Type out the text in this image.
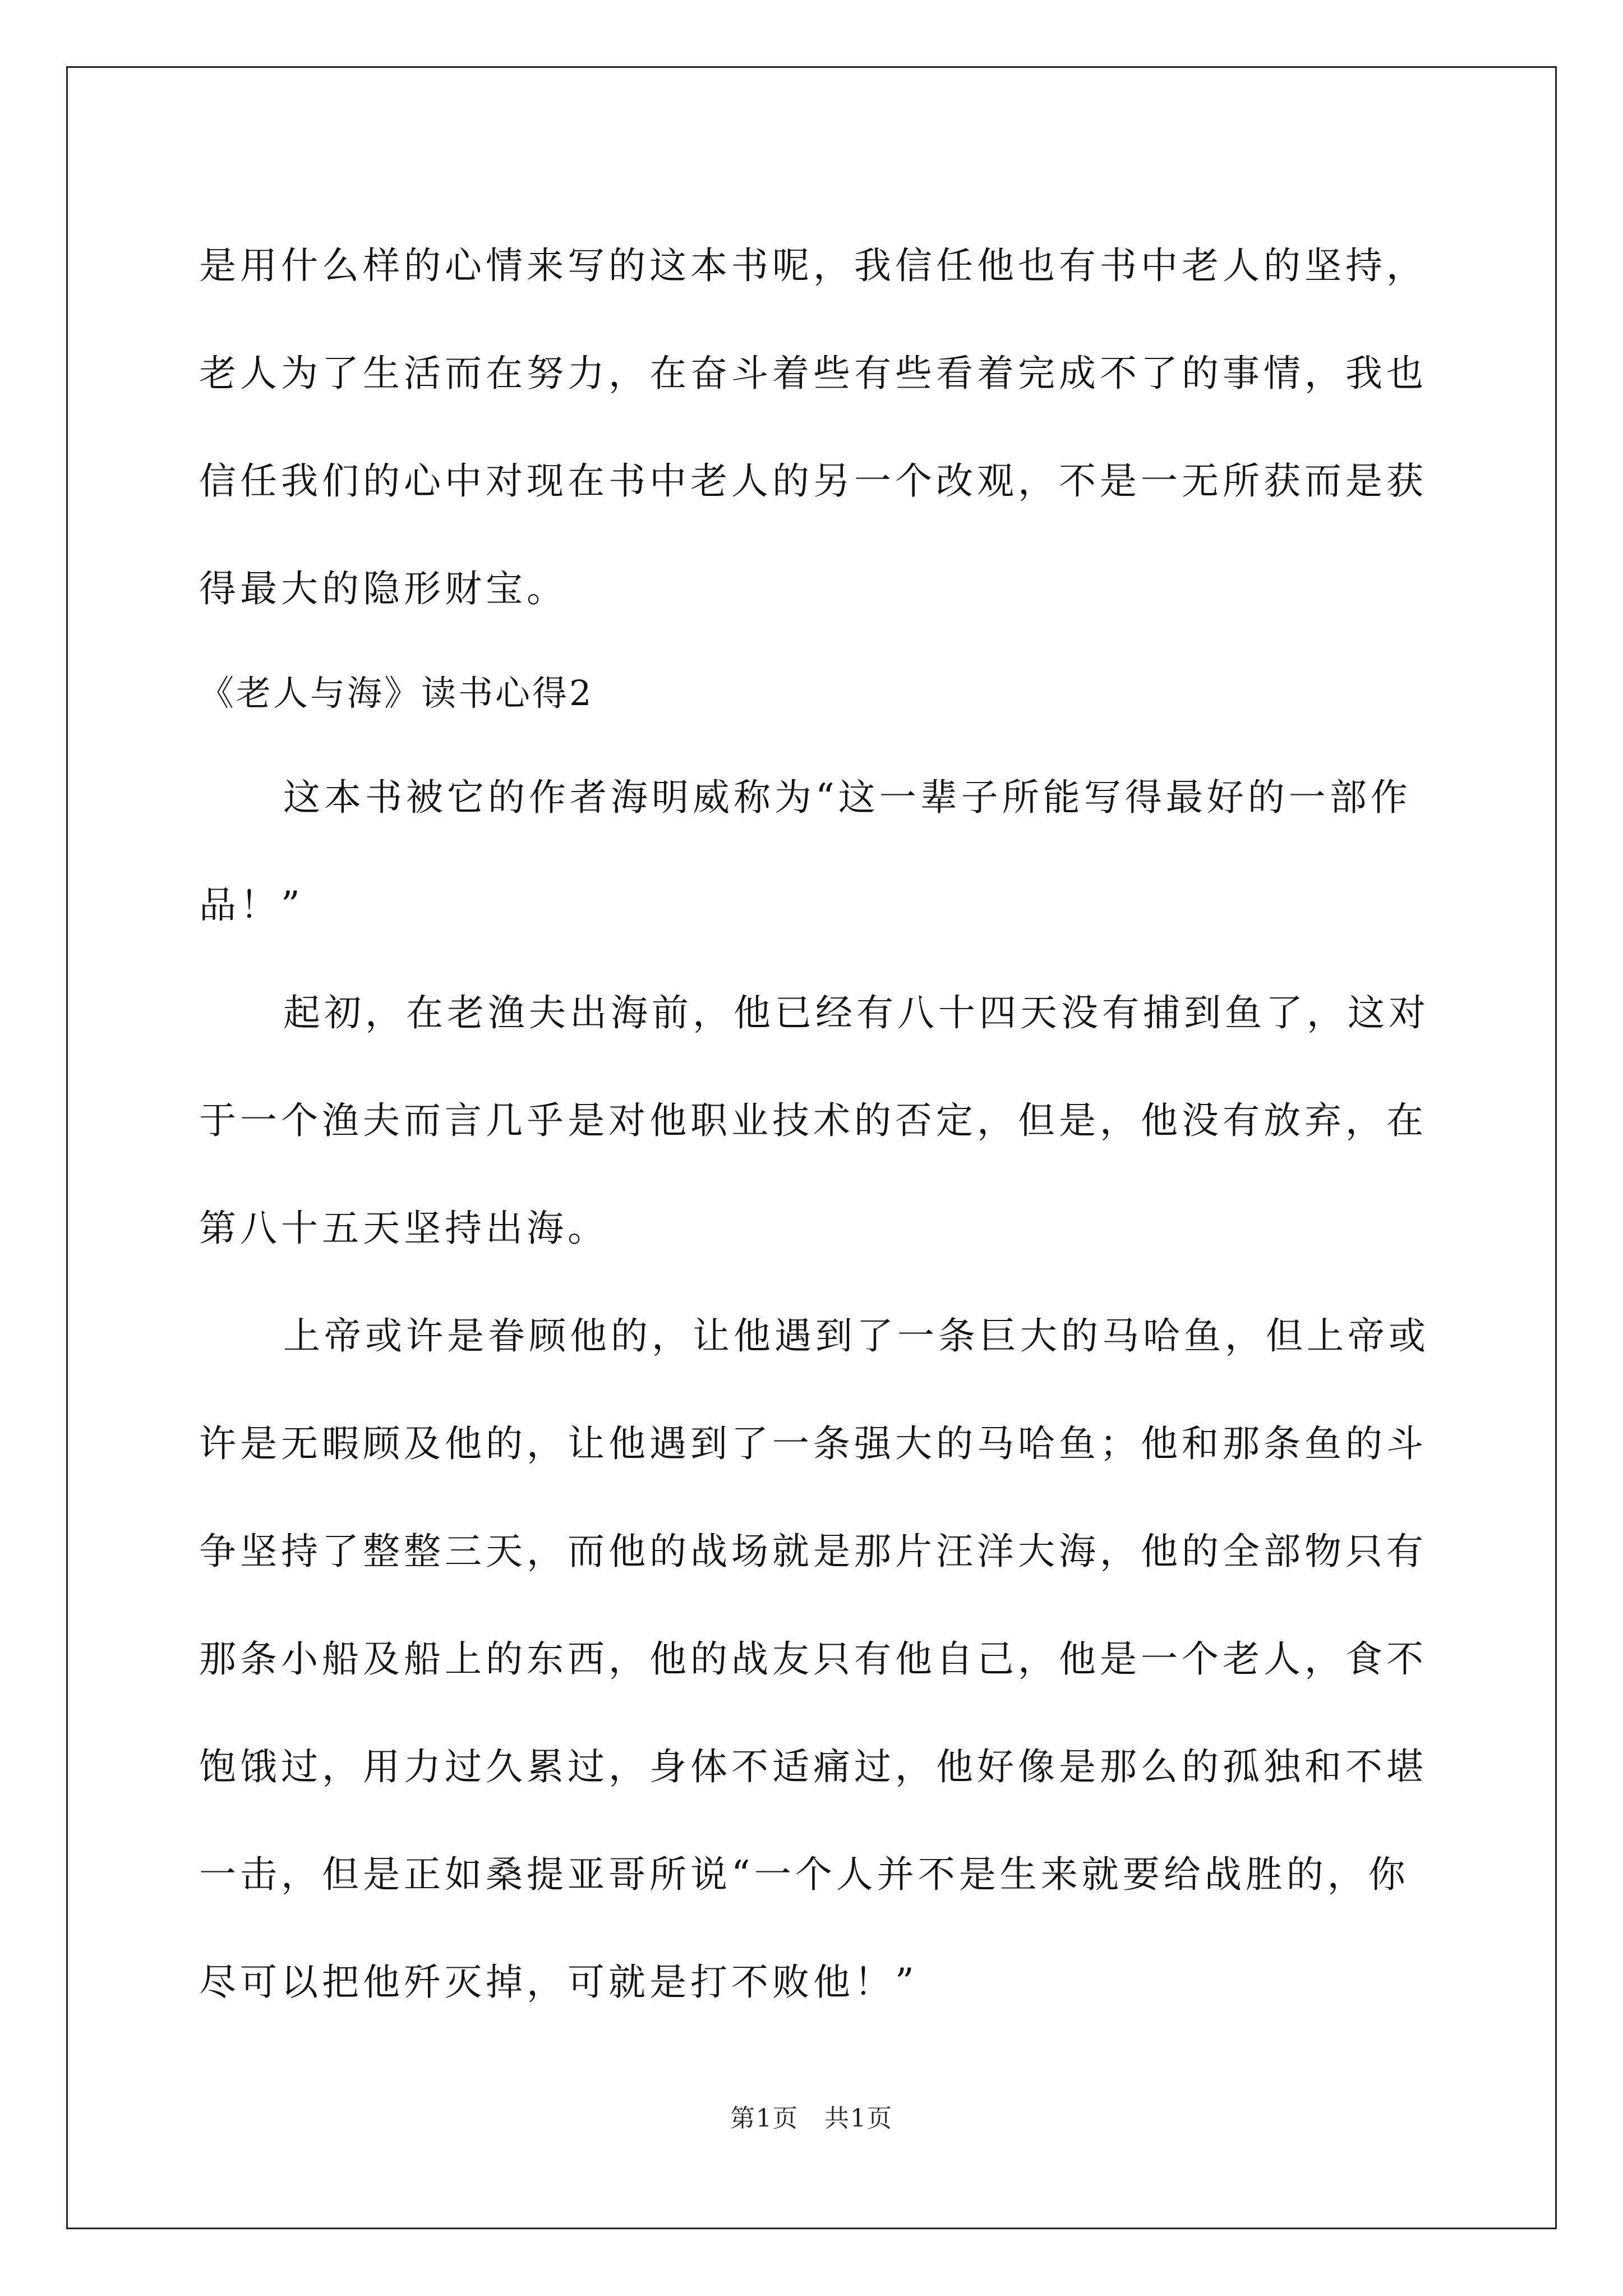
是用什么样的心情来写的这本书呢，我信任他也有书中老人的坚持，
老人为了生活而在努力，在奋斗着些有些看着完成不了的事情，我也
信任我们的心中对现在书中老人的另一个改观，不是一无所获而是获
得最大的隐形财宝。
《老人与海》读书心得2
这本书被它的作者海明威称为“这一辈子所能写得最好的一部作
品！”
起初，在老渔夫出海前，他已经有八十四天没有捕到鱼了，这对
于一个渔夫而言几乎是对他职业技术的否定，但是，他没有放弃，在
第八十五天坚持出海。
上帝或许是眷顾他的，让他遇到了一条巨大的马哈鱼，但上帝或
许是无暇顾及他的，让他遇到了一条强大的马哈鱼；他和那条鱼的斗
争坚持了整整三天，而他的战场就是那片汪洋大海，他的全部物只有
那条小船及船上的东西，他的战友只有他自己，他是一个老人，食不
饱饿过，用力过久累过，身体不适痛过，他好像是那么的孤独和不堪
一击，但是正如桑提亚哥所说“一个人并不是生来就要给战胜的，你
尽可以把他歼灭掉，可就是打不败他！”
第1页　共1页
